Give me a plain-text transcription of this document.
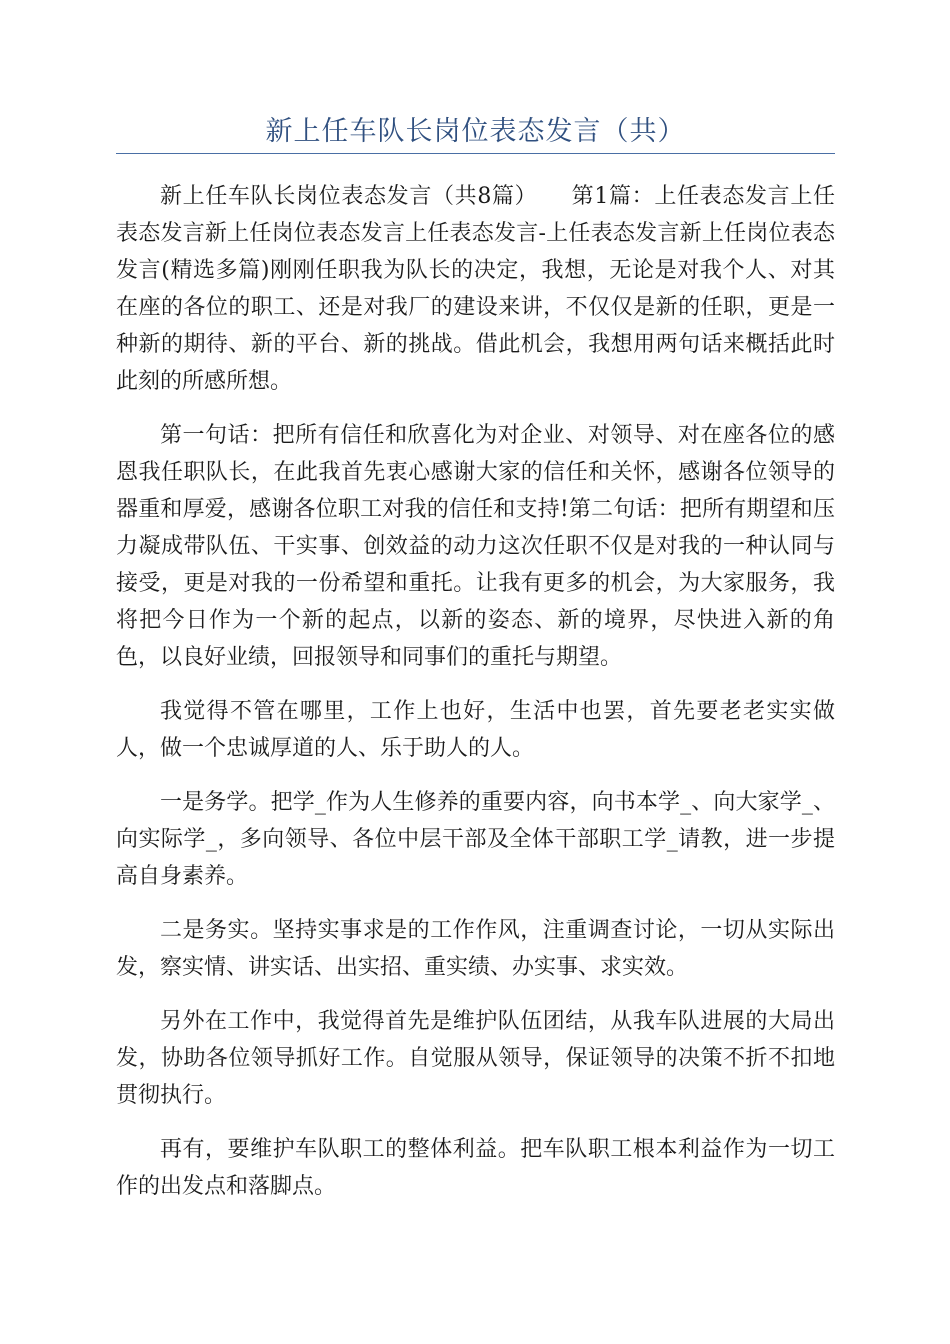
新上任车队长岗位表态发言（共）

新上任车队长岗位表态发言（共8篇）　　第1篇：上任表态发言上任表态发言新上任岗位表态发言上任表态发言-上任表态发言新上任岗位表态发言(精选多篇)刚刚任职我为队长的决定，我想，无论是对我个人、对其在座的各位的职工、还是对我厂的建设来讲，不仅仅是新的任职，更是一种新的期待、新的平台、新的挑战。借此机会，我想用两句话来概括此时此刻的所感所想。

第一句话：把所有信任和欣喜化为对企业、对领导、对在座各位的感恩我任职队长，在此我首先衷心感谢大家的信任和关怀，感谢各位领导的器重和厚爱，感谢各位职工对我的信任和支持!第二句话：把所有期望和压力凝成带队伍、干实事、创效益的动力这次任职不仅是对我的一种认同与接受，更是对我的一份希望和重托。让我有更多的机会，为大家服务，我将把今日作为一个新的起点，以新的姿态、新的境界，尽快进入新的角色，以良好业绩，回报领导和同事们的重托与期望。

我觉得不管在哪里，工作上也好，生活中也罢，首先要老老实实做人，做一个忠诚厚道的人、乐于助人的人。

一是务学。把学_作为人生修养的重要内容，向书本学_、向大家学_、向实际学_，多向领导、各位中层干部及全体干部职工学_请教，进一步提高自身素养。

二是务实。坚持实事求是的工作作风，注重调查讨论，一切从实际出发，察实情、讲实话、出实招、重实绩、办实事、求实效。

另外在工作中，我觉得首先是维护队伍团结，从我车队进展的大局出发，协助各位领导抓好工作。自觉服从领导，保证领导的决策不折不扣地贯彻执行。

再有，要维护车队职工的整体利益。把车队职工根本利益作为一切工作的出发点和落脚点。
